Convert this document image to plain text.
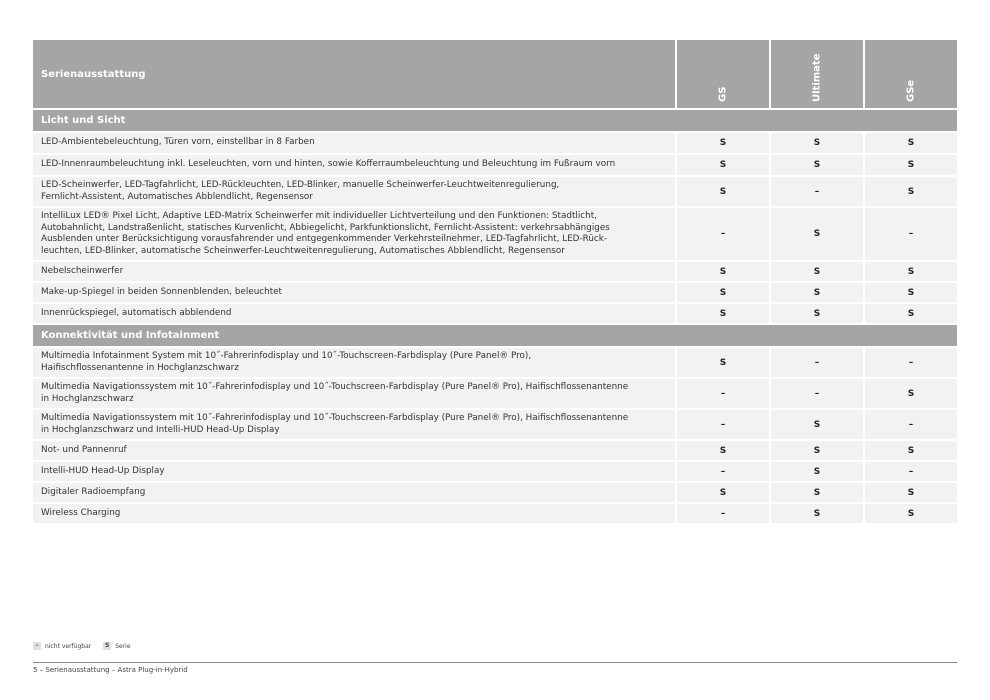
Serienausstattung
GS	Ultimate	GSe
Licht und Sicht
LED-Ambientebeleuchtung, Türen vorn, einstellbar in 8 Farben	S	S	S
LED-Innenraumbeleuchtung inkl. Leseleuchten, vorn und hinten, sowie Kofferraumbeleuchtung und Beleuchtung im Fußraum vorn	S	S	S
LED-Scheinwerfer, LED-Tagfahrlicht, LED-Rückleuchten, LED-Blinker, manuelle Scheinwerfer-Leuchtweitenregulierung,
Fernlicht-Assistent, Automatisches Abblendlicht, Regensensor	S	–	S
IntelliLux LED® Pixel Licht, Adaptive LED-Matrix Scheinwerfer mit individueller Lichtverteilung und den Funktionen: Stadtlicht,
Autobahnlicht, Landstraßenlicht, statisches Kurvenlicht, Abbiegelicht, Parkfunktionslicht, Fernlicht-Assistent: verkehrsabhängiges
Ausblenden unter Berücksichtigung vorausfahrender und entgegenkommender Verkehrsteilnehmer, LED-Tagfahrlicht, LED-Rück-
leuchten, LED-Blinker, automatische Scheinwerfer-Leuchtweitenregulierung, Automatisches Abblendlicht, Regensensor
–	S	–
Nebelscheinwerfer	S	S	S
Make-up-Spiegel in beiden Sonnenblenden, beleuchtet	S	S	S
Innenrückspiegel, automatisch abblendend	S	S	S
Konnektivität und Infotainment
Multimedia Infotainment System mit 10˝-Fahrerinfodisplay und 10˝-Touchscreen-Farbdisplay (Pure Panel® Pro),
Haifischflossenantenne in Hochglanzschwarz	S	–	–
Multimedia Navigationssystem mit 10˝-Fahrerinfodisplay und 10˝-Touchscreen-Farbdisplay (Pure Panel® Pro), Haifischflossenantenne
in Hochglanzschwarz	–	–	S
Multimedia Navigationssystem mit 10˝-Fahrerinfodisplay und 10˝-Touchscreen-Farbdisplay (Pure Panel® Pro), Haifischflossenantenne
in Hochglanzschwarz und Intelli-HUD Head-Up Display	–	S	–
Not- und Pannenruf	S	S	S
Intelli-HUD Head-Up Display	–	S	–
Digitaler Radioempfang	S	S	S
Wireless Charging	–	S	S
–	nicht verfügbar	S Serie
5 – Serienausstattung – Astra Plug-in-Hybrid
